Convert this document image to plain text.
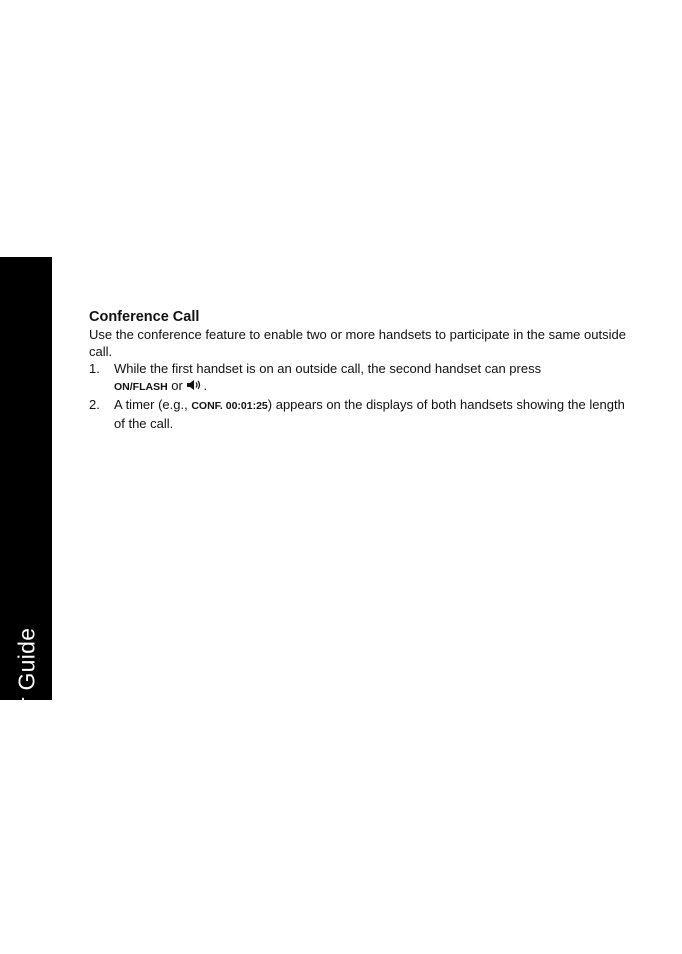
MD7151 User Guide
34
Conference Call

Use the conference feature to enable two or more handsets to participate in the same outside call.

1. While the first handset is on an outside call, the second handset can press
ON/FLASH or .
2. A timer (e.g., CONF. 00:01:25) appears on the displays of both handsets showing the length of the call.
